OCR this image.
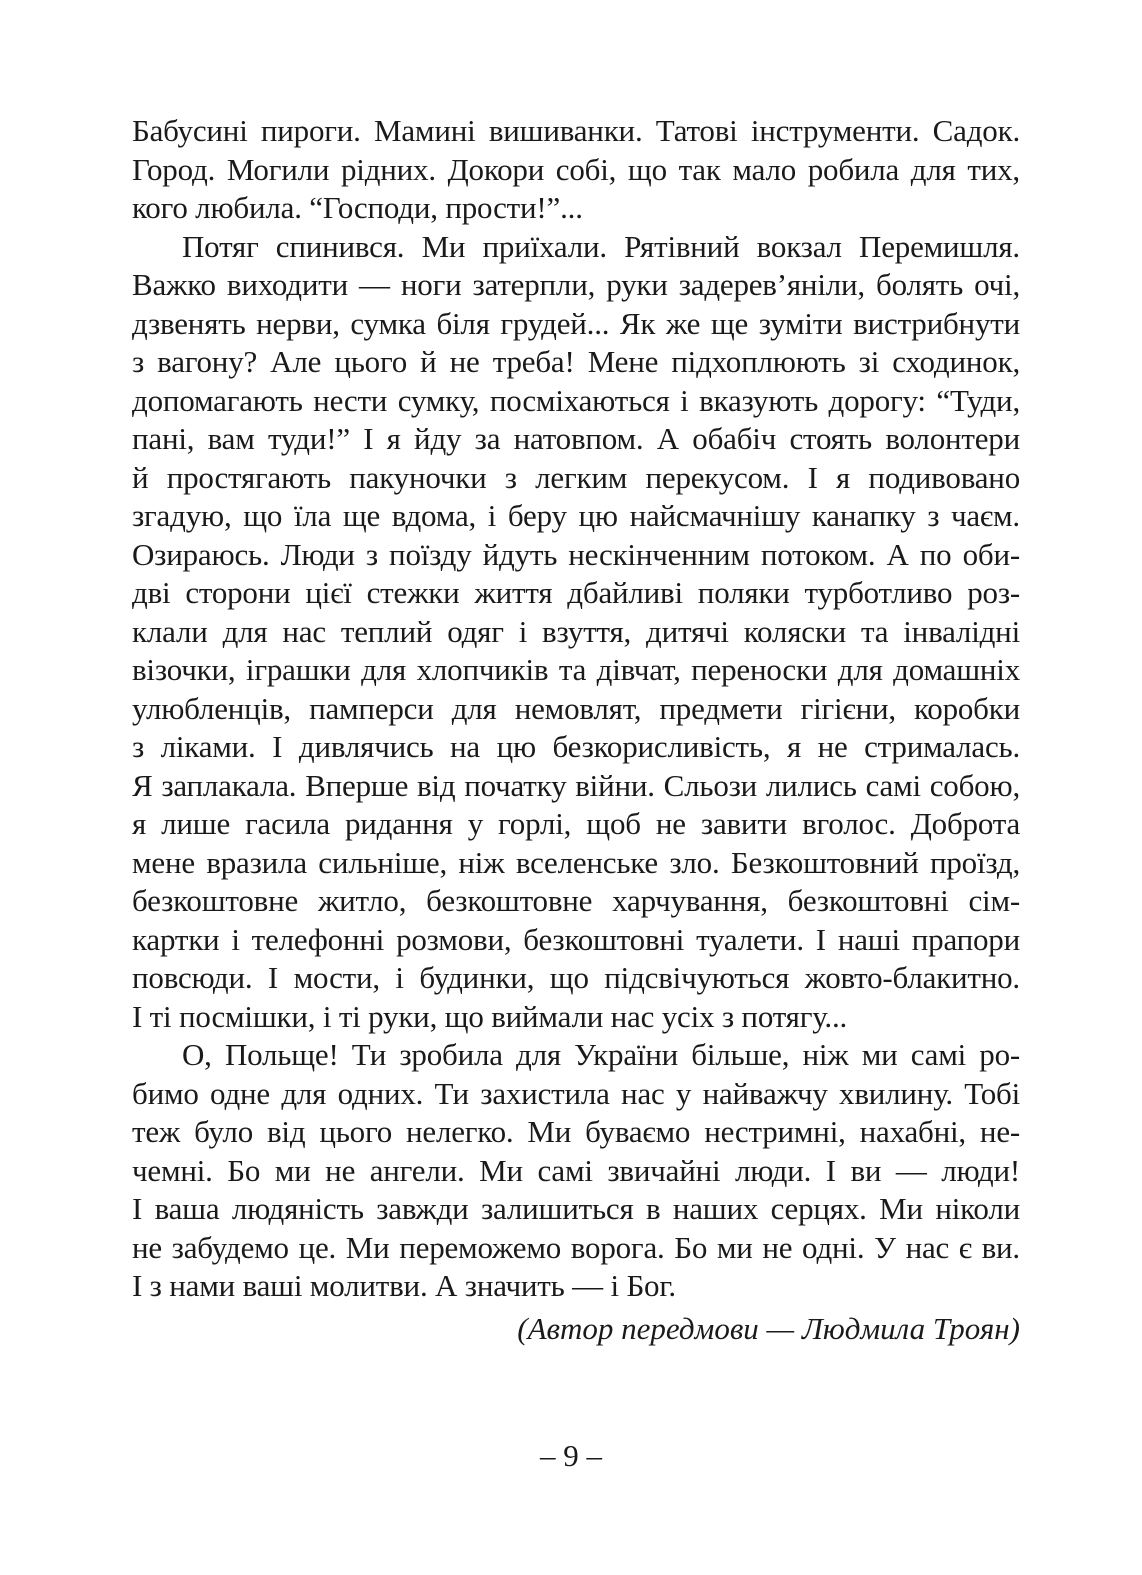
Бабусині пироги. Мамині вишиванки. Татові інструменти. Садок.
Город. Могили рідних. Докори собі, що так мало робила для тих,
кого любила. “Господи, прости!”...
Потяг спинився. Ми приїхали. Рятівний вокзал Перемишля.
Важко виходити — ноги затерпли, руки задерев’яніли, болять очі,
дзвенять нерви, сумка біля грудей... Як же ще зуміти вистрибнути
з вагону? Але цього й не треба! Мене підхоплюють зі сходинок,
допомагають нести сумку, посміхаються і вказують дорогу: “Туди,
пані, вам туди!” І я йду за натовпом. А обабіч стоять волонтери
й простягають пакуночки з легким перекусом. І я подивовано
згадую, що їла ще вдома, і беру цю найсмачнішу канапку з чаєм.
Озираюсь. Люди з поїзду йдуть нескінченним потоком. А по оби-
дві сторони цієї стежки життя дбайливі поляки турботливо роз-
клали для нас теплий одяг і взуття, дитячі коляски та інвалідні
візочки, іграшки для хлопчиків та дівчат, переноски для домашніх
улюбленців, памперси для немовлят, предмети гігієни, коробки
з ліками. І дивлячись на цю безкорисливість, я не стрималась.
Я заплакала. Вперше від початку війни. Сльози лились самі собою,
я лише гасила ридання у горлі, щоб не завити вголос. Доброта
мене вразила сильніше, ніж вселенське зло. Безкоштовний проїзд,
безкоштовне житло, безкоштовне харчування, безкоштовні сім-
картки і телефонні розмови, безкоштовні туалети. І наші прапори
повсюди. І мости, і будинки, що підсвічуються жовто-блакитно.
І ті посмішки, і ті руки, що виймали нас усіх з потягу...
О, Польще! Ти зробила для України більше, ніж ми самі ро-
бимо одне для одних. Ти захистила нас у найважчу хвилину. Тобі
теж було від цього нелегко. Ми буваємо нестримні, нахабні, не-
чемні. Бо ми не ангели. Ми самі звичайні люди. І ви — люди!
І ваша людяність завжди залишиться в наших серцях. Ми ніколи
не забудемо це. Ми переможемо ворога. Бо ми не одні. У нас є ви.
І з нами ваші молитви. А значить — і Бог.
(Автор передмови — Людмила Троян)
– 9 –
